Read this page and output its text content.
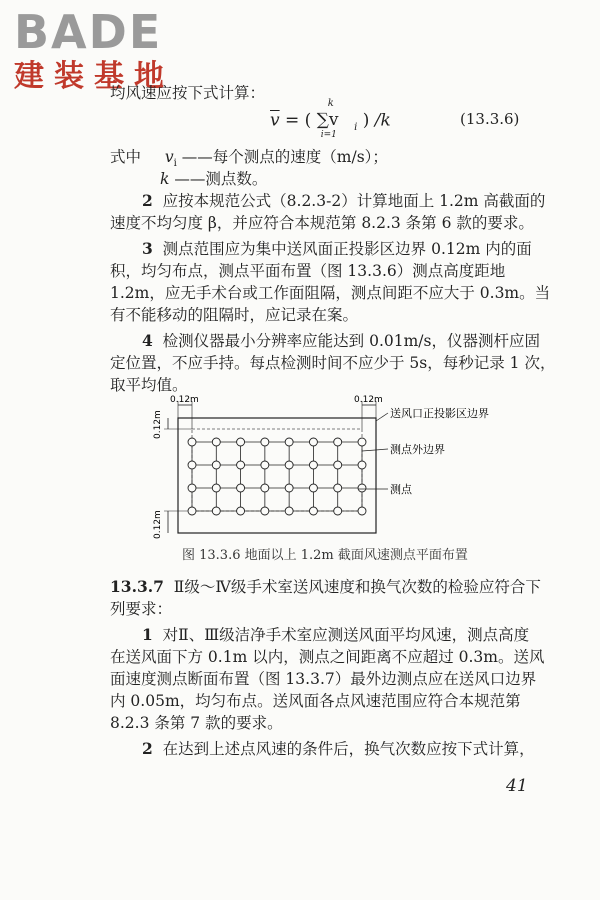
BADE
建装基地
均风速应按下式计算：
$\overline{v}$ = (
k
∑v
i=1
$_i$ ) /k	(13.3.6)
式中 $v_i$ ——每个测点的速度（m/s）；
k ——测点数。
2 应按本规范公式（8.2.3-2）计算地面上 1.2m 高截面的
速度不均匀度 β，并应符合本规范第 8.2.3 条第 6 款的要求。
3 测点范围应为集中送风面正投影区边界 0.12m 内的面
积，均匀布点，测点平面布置（图 13.3.6）测点高度距地
1.2m，应无手术台或工作面阻隔，测点间距不应大于 0.3m。当
有不能移动的阻隔时，应记录在案。
4 检测仪器最小分辨率应能达到 0.01m/s，仪器测杆应固
定位置，不应手持。每点检测时间不应少于 5s，每秒记录 1 次，
取平均值。
0.12m	0.12m
0.12m
0.12m
送风口正投影区边界
测点外边界
测点
图 13.3.6 地面以上 1.2m 截面风速测点平面布置
13.3.7 Ⅱ级～Ⅳ级手术室送风速度和换气次数的检验应符合下
列要求：
1 对Ⅱ、Ⅲ级洁净手术室应测送风面平均风速，测点高度
在送风面下方 0.1m 以内，测点之间距离不应超过 0.3m。送风
面速度测点断面布置（图 13.3.7）最外边测点应在送风口边界
内 0.05m，均匀布点。送风面各点风速范围应符合本规范第
8.2.3 条第 7 款的要求。
2 在达到上述点风速的条件后，换气次数应按下式计算，
41
